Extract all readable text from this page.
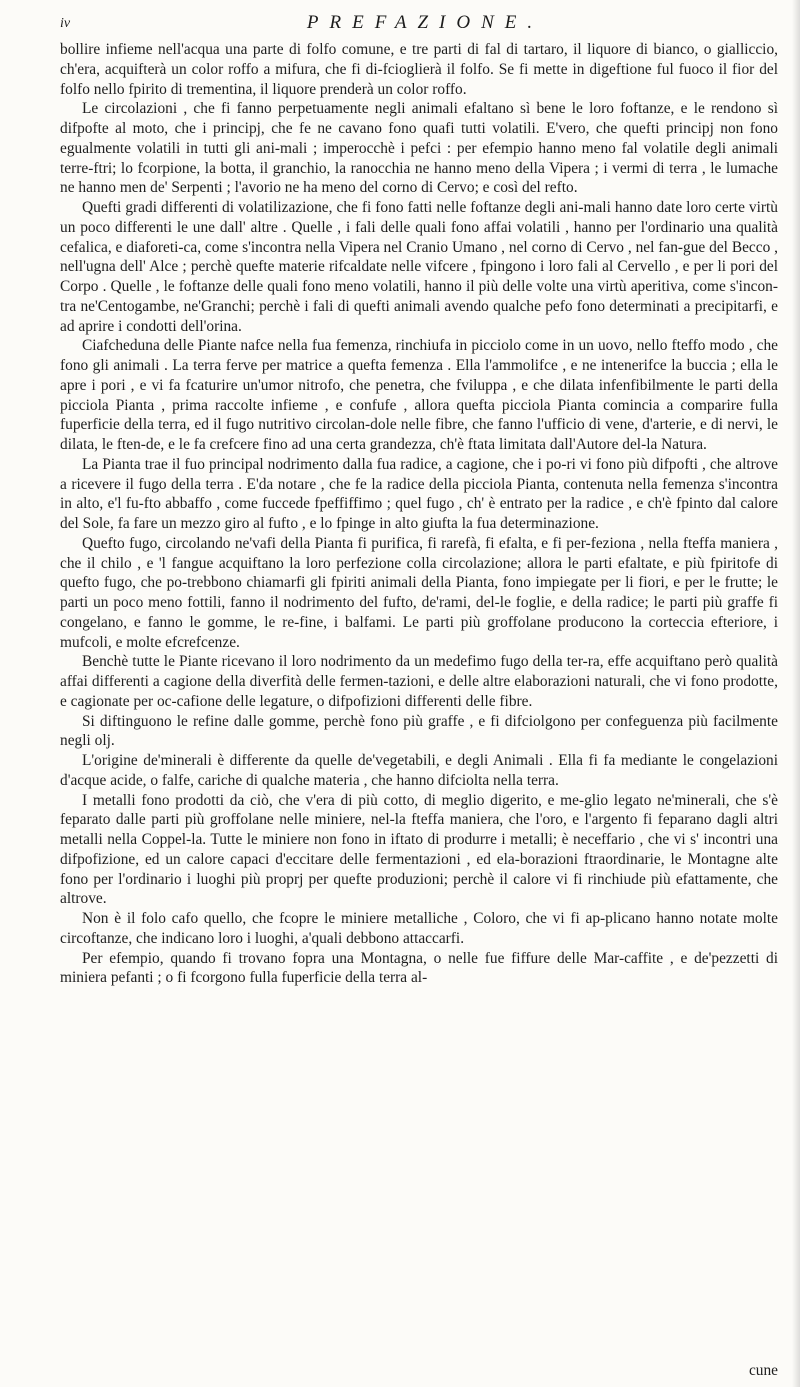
iv	PREFAZIONE.

bollire infieme nell'acqua una parte di folfo comune, e tre parti di fal di tartaro, il liquore di bianco, o gialliccio, ch'era, acquifterà un color roffo a mifura, che fi di-fcioglierà il folfo. Se fi mette in digeftione ful fuoco il fior del folfo nello fpirito di trementina, il liquore prenderà un color roffo.

Le circolazioni , che fi fanno perpetuamente negli animali efaltano sì bene le loro foftanze, e le rendono sì difpofte al moto, che i principj, che fe ne cavano fono quafi tutti volatili. E'vero, che quefti principj non fono egualmente volatili in tutti gli ani-mali ; imperocchè i pefci : per efempio hanno meno fal volatile degli animali terre-ftri; lo fcorpione, la botta, il granchio, la ranocchia ne hanno meno della Vipera ; i vermi di terra , le lumache ne hanno men de' Serpenti ; l'avorio ne ha meno del corno di Cervo; e così del refto.

Quefti gradi differenti di volatilizazione, che fi fono fatti nelle foftanze degli ani-mali hanno date loro certe virtù un poco differenti le une dall' altre . Quelle , i fali delle quali fono affai volatili , hanno per l'ordinario una qualità cefalica, e diaforeti-ca, come s'incontra nella Vipera nel Cranio Umano , nel corno di Cervo , nel fan-gue del Becco , nell'ugna dell' Alce ; perchè quefte materie rifcaldate nelle vifcere , fpingono i loro fali al Cervello , e per li pori del Corpo . Quelle , le foftanze delle quali fono meno volatili, hanno il più delle volte una virtù aperitiva, come s'incon-tra ne'Centogambe, ne'Granchi; perchè i fali di quefti animali avendo qualche pefo fono determinati a precipitarfi, e ad aprire i condotti dell'orina.

Ciafcheduna delle Piante nafce nella fua femenza, rinchiufa in picciolo come in un uovo, nello fteffo modo , che fono gli animali . La terra ferve per matrice a quefta femenza . Ella l'ammolifce , e ne intenerifce la buccia ; ella le apre i pori , e vi fa fcaturire un'umor nitrofo, che penetra, che fviluppa , e che dilata infenfibilmente le parti della picciola Pianta , prima raccolte infieme , e confufe , allora quefta picciola Pianta comincia a comparire fulla fuperficie della terra, ed il fugo nutritivo circolan-dole nelle fibre, che fanno l'ufficio di vene, d'arterie, e di nervi, le dilata, le ften-de, e le fa crefcere fino ad una certa grandezza, ch'è ftata limitata dall'Autore del-la Natura.

La Pianta trae il fuo principal nodrimento dalla fua radice, a cagione, che i po-ri vi fono più difpofti , che altrove a ricevere il fugo della terra . E'da notare , che fe la radice della picciola Pianta, contenuta nella femenza s'incontra in alto, e'l fu-fto abbaffo , come fuccede fpeffiffimo ; quel fugo , ch' è entrato per la radice , e ch'è fpinto dal calore del Sole, fa fare un mezzo giro al fufto , e lo fpinge in alto giufta la fua determinazione.

Quefto fugo, circolando ne'vafi della Pianta fi purifica, fi rarefà, fi efalta, e fi per-feziona , nella fteffa maniera , che il chilo , e 'l fangue acquiftano la loro perfezione colla circolazione; allora le parti efaltate, e più fpiritofe di quefto fugo, che po-trebbono chiamarfi gli fpiriti animali della Pianta, fono impiegate per li fiori, e per le frutte; le parti un poco meno fottili, fanno il nodrimento del fufto, de'rami, del-le foglie, e della radice; le parti più graffe fi congelano, e fanno le gomme, le re-fine, i balfami. Le parti più groffolane producono la corteccia efteriore, i mufcoli, e molte efcrefcenze.

Benchè tutte le Piante ricevano il loro nodrimento da un medefimo fugo della ter-ra, effe acquiftano però qualità affai differenti a cagione della diverfità delle fermen-tazioni, e delle altre elaborazioni naturali, che vi fono prodotte, e cagionate per oc-cafione delle legature, o difpofizioni differenti delle fibre.

Si diftinguono le refine dalle gomme, perchè fono più graffe , e fi difciolgono per confeguenza più facilmente negli olj.

L'origine de'minerali è differente da quelle de'vegetabili, e degli Animali . Ella fi fa mediante le congelazioni d'acque acide, o falfe, cariche di qualche materia , che hanno difciolta nella terra.

I metalli fono prodotti da ciò, che v'era di più cotto, di meglio digerito, e me-glio legato ne'minerali, che s'è feparato dalle parti più groffolane nelle miniere, nel-la fteffa maniera, che l'oro, e l'argento fi feparano dagli altri metalli nella Coppel-la. Tutte le miniere non fono in iftato di produrre i metalli; è neceffario , che vi s' incontri una difpofizione, ed un calore capaci d'eccitare delle fermentazioni , ed ela-borazioni ftraordinarie, le Montagne alte fono per l'ordinario i luoghi più proprj per quefte produzioni; perchè il calore vi fi rinchiude più efattamente, che altrove.

Non è il folo cafo quello, che fcopre le miniere metalliche , Coloro, che vi fi ap-plicano hanno notate molte circoftanze, che indicano loro i luoghi, a'quali debbono attaccarfi.

Per efempio, quando fi trovano fopra una Montagna, o nelle fue fiffure delle Mar-caffite , e de'pezzetti di miniera pefanti ; o fi fcorgono fulla fuperficie della terra al-

cune
